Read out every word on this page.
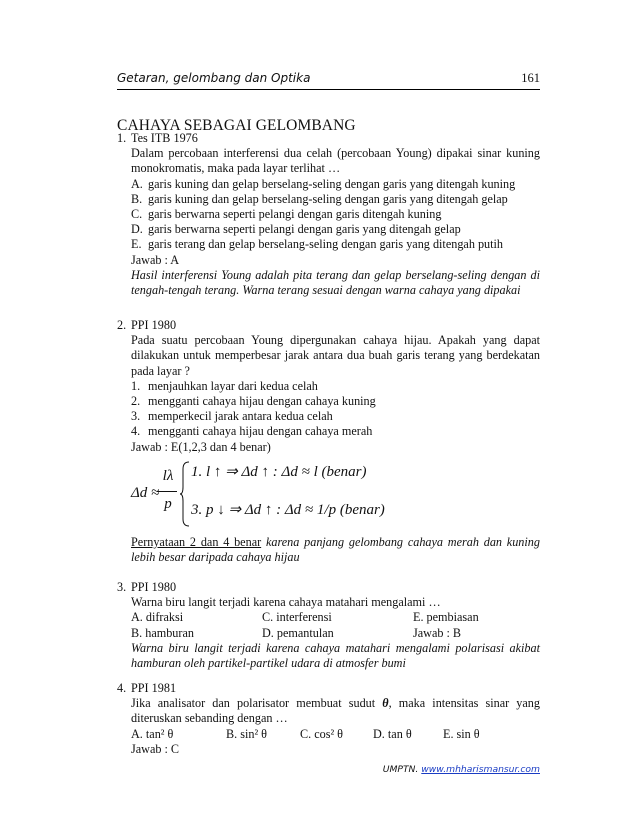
Getaran, gelombang dan Optika	161
CAHAYA SEBAGAI GELOMBANG
1. Tes ITB 1976
Dalam percobaan interferensi dua celah (percobaan Young) dipakai sinar kuning monokromatis, maka pada layar terlihat …
A. garis kuning dan gelap berselang-seling dengan garis yang ditengah kuning
B. garis kuning dan gelap berselang-seling dengan garis yang ditengah gelap
C. garis berwarna seperti pelangi dengan garis ditengah kuning
D. garis berwarna seperti pelangi dengan garis yang ditengah gelap
E. garis terang dan gelap berselang-seling dengan garis yang ditengah putih
Jawab : A
Hasil interferensi Young adalah pita terang dan gelap berselang-seling dengan di tengah-tengah terang. Warna terang sesuai dengan warna cahaya yang dipakai
2. PPI 1980
Pada suatu percobaan Young dipergunakan cahaya hijau. Apakah yang dapat dilakukan untuk memperbesar jarak antara dua buah garis terang yang berdekatan pada layar ?
1. menjauhkan layar dari kedua celah
2. mengganti cahaya hijau dengan cahaya kuning
3. memperkecil jarak antara kedua celah
4. mengganti cahaya hijau dengan cahaya merah
Jawab : E(1,2,3 dan 4 benar)
Δd ≈
lλ
p
1. l ↑ ⇒ Δd ↑ : Δd ≈ l (benar)
3. p ↓ ⇒ Δd ↑ : Δd ≈ 1/p (benar)
Pernyataan 2 dan 4 benar karena panjang gelombang cahaya merah dan kuning lebih besar daripada cahaya hijau
3. PPI 1980
Warna biru langit terjadi karena cahaya matahari mengalami …
A. difraksi	C. interferensi	E. pembiasan
B. hamburan	D. pemantulan	Jawab : B
Warna biru langit terjadi karena cahaya matahari mengalami polarisasi akibat hamburan oleh partikel-partikel udara di atmosfer bumi
4. PPI 1981
Jika analisator dan polarisator membuat sudut θ, maka intensitas sinar yang diteruskan sebanding dengan …
A. tan² θ	B. sin² θ	C. cos² θ	D. tan θ	E. sin θ
Jawab : C
UMPTN. www.mhharismansur.com
